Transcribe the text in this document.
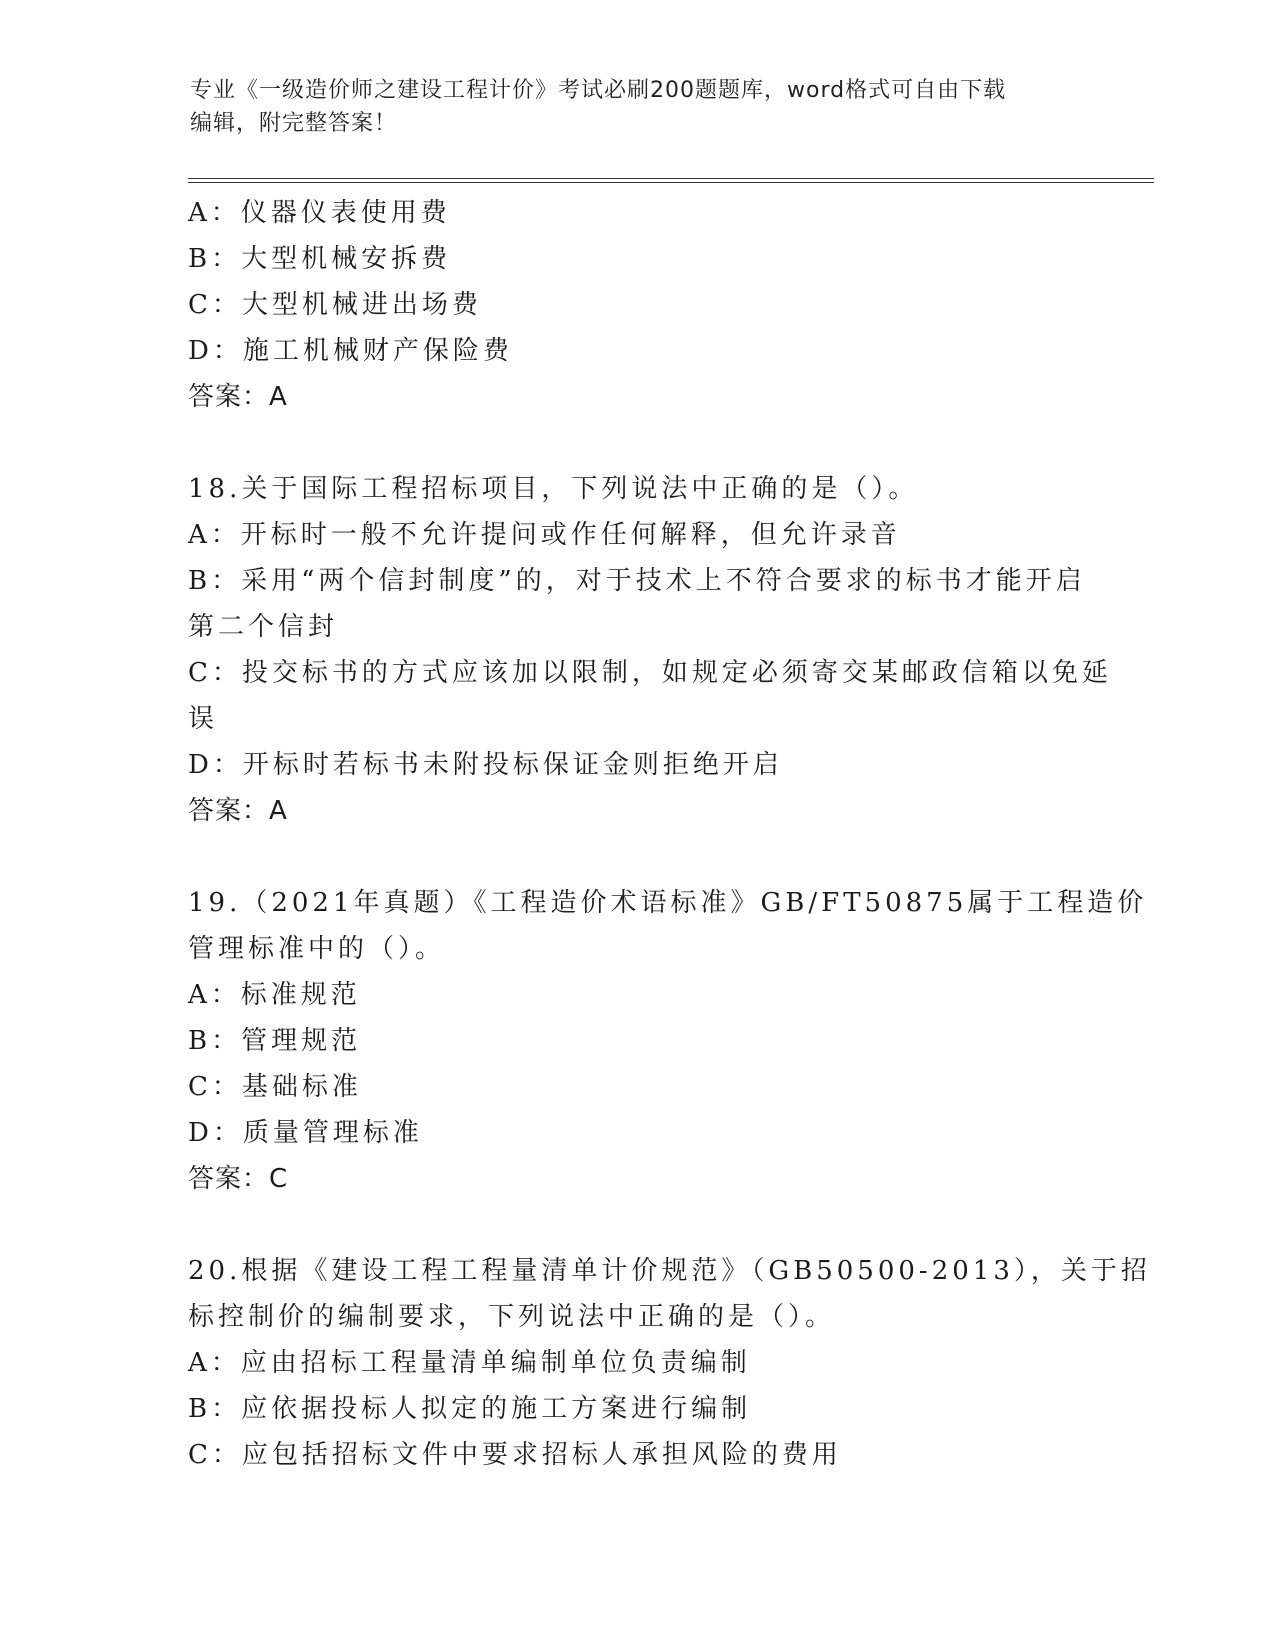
专业《一级造价师之建设工程计价》考试必刷200题题库，word格式可自由下载
编辑，附完整答案！
A：仪器仪表使用费
B：大型机械安拆费
C：大型机械进出场费
D：施工机械财产保险费
答案：A
18.关于国际工程招标项目，下列说法中正确的是（）。
A：开标时一般不允许提问或作任何解释，但允许录音
B：采用“两个信封制度”的，对于技术上不符合要求的标书才能开启
第二个信封
C：投交标书的方式应该加以限制，如规定必须寄交某邮政信箱以免延
误
D：开标时若标书未附投标保证金则拒绝开启
答案：A
19.（2021年真题）《工程造价术语标准》GB/FT50875属于工程造价
管理标准中的（）。
A：标准规范
B：管理规范
C：基础标准
D：质量管理标准
答案：C
20.根据《建设工程工程量清单计价规范》（GB50500-2013），关于招
标控制价的编制要求，下列说法中正确的是（）。
A：应由招标工程量清单编制单位负责编制
B：应依据投标人拟定的施工方案进行编制
C：应包括招标文件中要求招标人承担风险的费用
